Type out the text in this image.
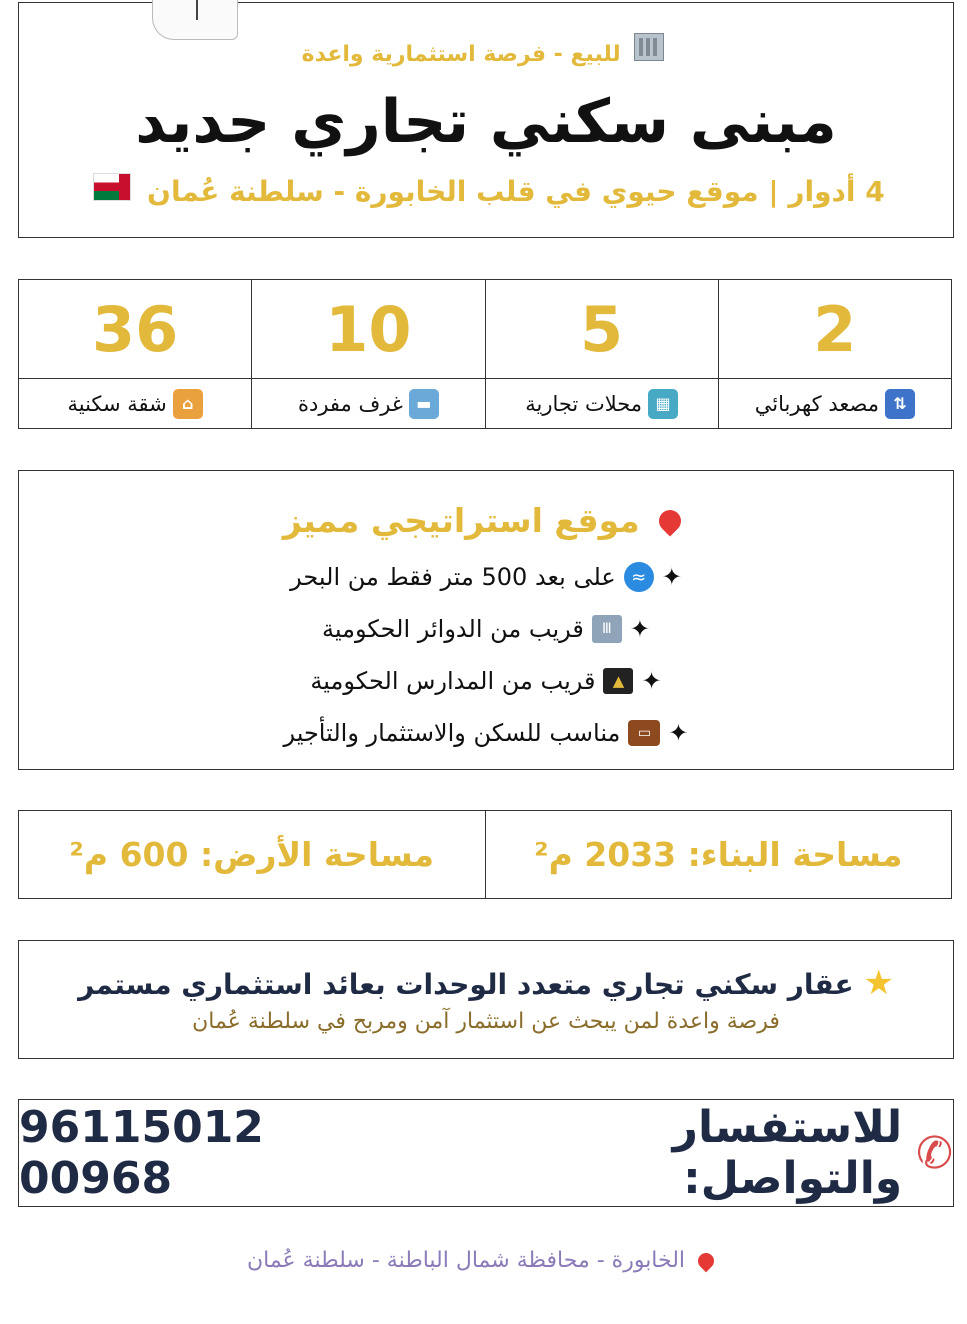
للبيع - فرصة استثمارية واعدة
مبنى سكني تجاري جديد
4 أدوار | موقع حيوي في قلب الخابورة - سلطنة عُمان
2
⇅
مصعد كهربائي
5
▦
محلات تجارية
10
▬
غرف مفردة
36
⌂
شقة سكنية
موقع استراتيجي مميز
✦
≈
على بعد 500 متر فقط من البحر
✦
Ⅲ
قريب من الدوائر الحكومية
✦
▲
قريب من المدارس الحكومية
✦
▭
مناسب للسكن والاستثمار والتأجير
مساحة البناء: 2033 م²
مساحة الأرض: 600 م²
★ عقار سكني تجاري متعدد الوحدات بعائد استثماري مستمر
فرصة واعدة لمن يبحث عن استثمار آمن ومربح في سلطنة عُمان
✆
للاستفسار والتواصل:
96115012 00968
الخابورة - محافظة شمال الباطنة - سلطنة عُمان
